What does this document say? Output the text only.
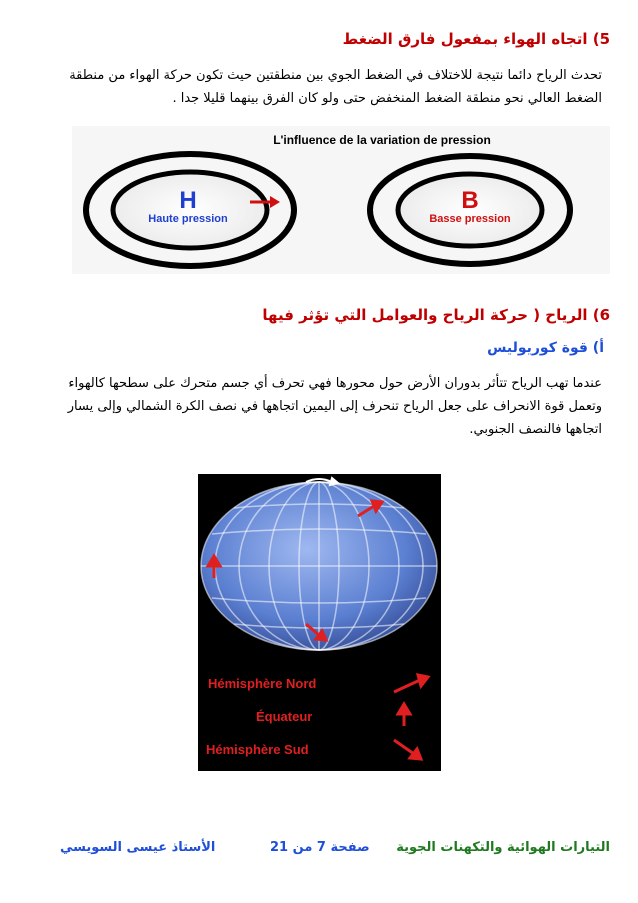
5) اتجاه الهواء بمفعول فارق الضغط
تحدث الرياح دائما نتيجة للاختلاف في الضغط الجوي بين منطقتين حيث تكون حركة الهواء من منطقة الضغط العالي نحو منطقة الضغط المنخفض حتى ولو كان الفرق بينهما قليلا جدا .
L'influence de la variation de pression
H
Haute pression
B
Basse pression
6) الرياح ( حركة الرياح والعوامل التي تؤثر فيها
أ) قوة كوريوليس
عندما تهب الرياح تتأثر بدوران الأرض حول محورها فهي تحرف أي جسم متحرك على سطحها كالهواء وتعمل قوة الانحراف على جعل الرياح تنحرف إلى اليمين اتجاهها في نصف الكرة الشمالي وإلى يسار اتجاهها فالنصف الجنوبي.
Hémisphère Nord
Équateur
Hémisphère Sud
التيارات الهوائية والتكهنات الجوية
صفحة 7 من 21
الأستاذ عيسى السويسي
